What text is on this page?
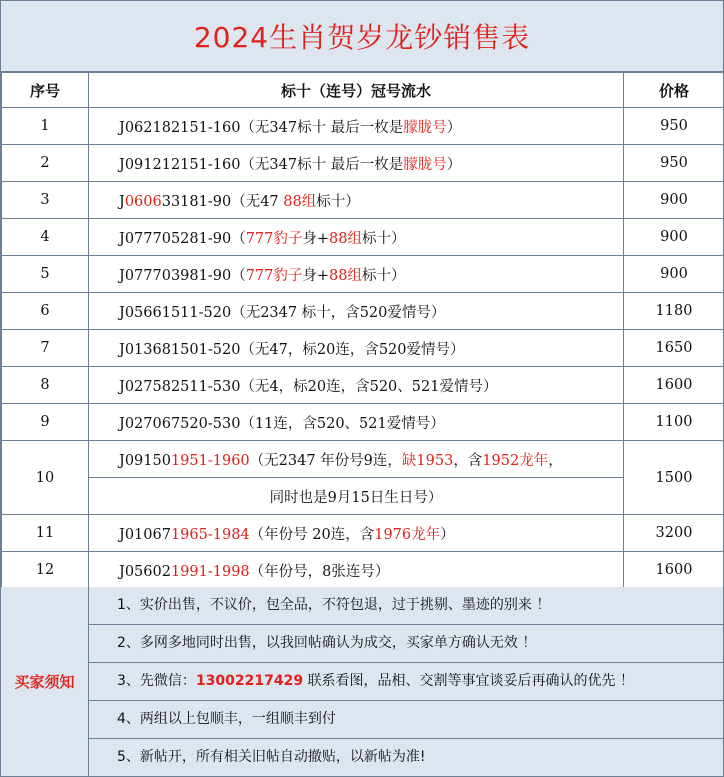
2024生肖贺岁龙钞销售表
序号	标十（连号）冠号流水	价格
1	J062182151-160（无347标十 最后一枚是朦胧号）	950
2	J091212151-160（无347标十 最后一枚是朦胧号）	950
3	J060633181-90（无47 88组标十）	900
4	J077705281-90（777豹子身+88组标十）	900
5	J077703981-90（777豹子身+88组标十）	900
6	J05661511-520（无2347 标十，含520爱情号）	1180
7	J013681501-520（无47，标20连，含520爱情号）	1650
8	J027582511-530（无4，标20连，含520、521爱情号）	1600
9	J027067520-530（11连，含520、521爱情号）	1100
10	J091501951-1960（无2347 年份号9连，缺1953，含1952龙年，	1500
	同时也是9月15日生日号）	
11	J010671965-1984（年份号 20连，含1976龙年）	3200
12	J056021991-1998（年份号，8张连号）	1600
买家须知
1、实价出售，不议价，包全品，不符包退，过于挑剔、墨迹的别来 ！
2、多网多地同时出售，以我回帖确认为成交，买家单方确认无效 ！
3、先微信：13002217429 联系看图，品相、交割等事宜谈妥后再确认的优先 ！
4、两组以上包顺丰，一组顺丰到付
5、新帖开，所有相关旧帖自动撤贴，以新帖为准!
